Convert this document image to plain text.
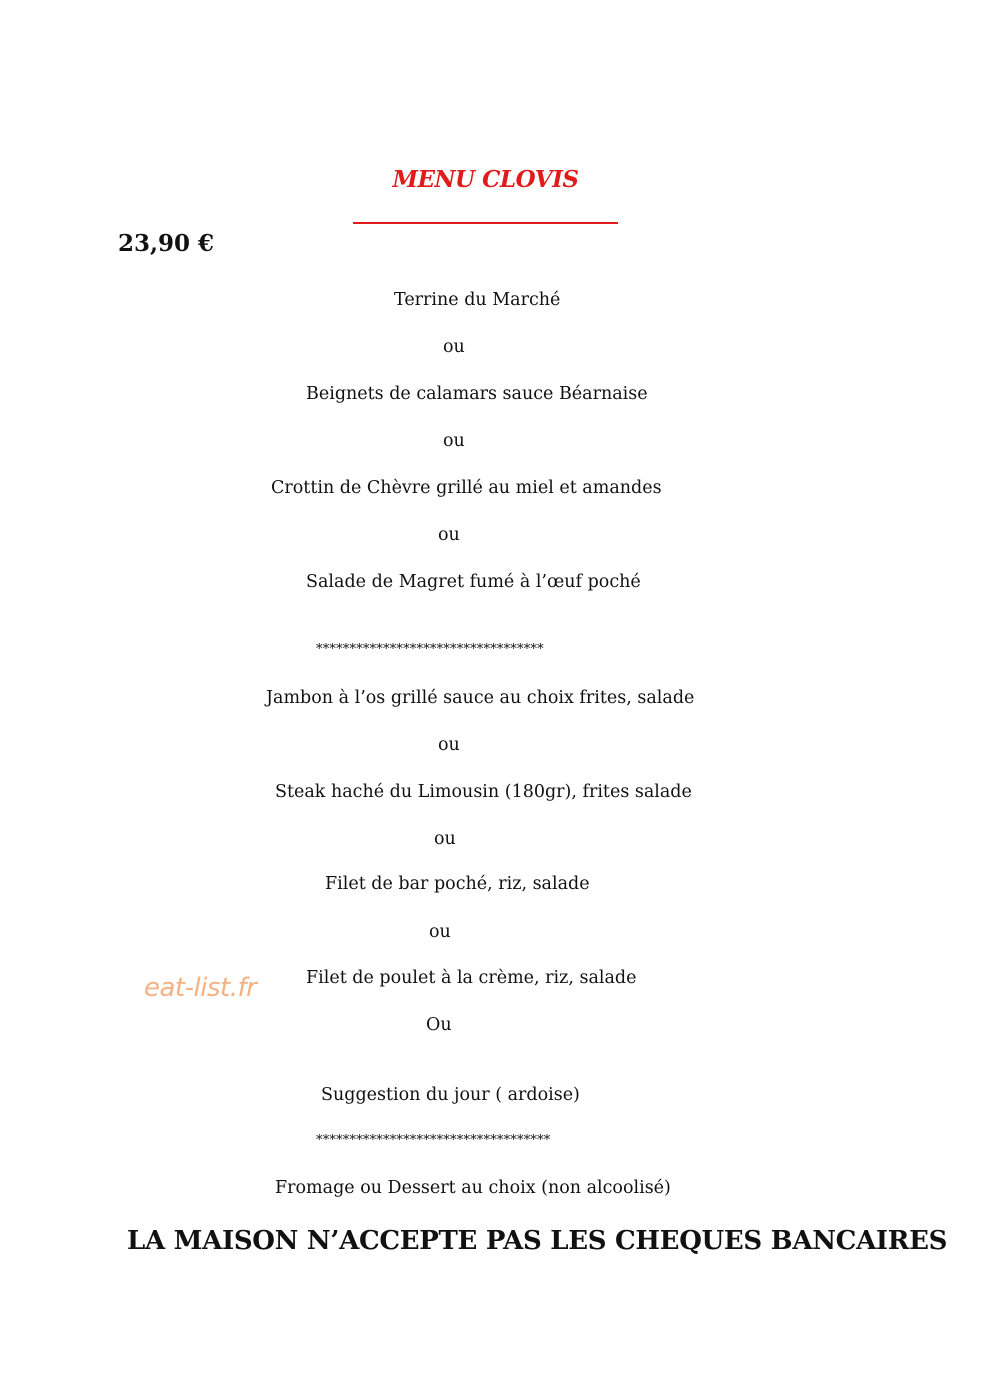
MENU CLOVIS
23,90 €
Terrine du Marché
ou
Beignets de calamars sauce Béarnaise
ou
Crottin de Chèvre grillé au miel et amandes
ou
Salade de Magret fumé à l’œuf poché
**********************************
Jambon à l’os grillé sauce au choix frites, salade
ou
Steak haché du Limousin (180gr), frites salade
ou
Filet de bar poché, riz, salade
ou
Filet de poulet à la crème, riz, salade
Ou
Suggestion du jour ( ardoise)
***********************************
Fromage ou Dessert au choix (non alcoolisé)
LA MAISON N’ACCEPTE PAS LES CHEQUES BANCAIRES
eat-list.fr
